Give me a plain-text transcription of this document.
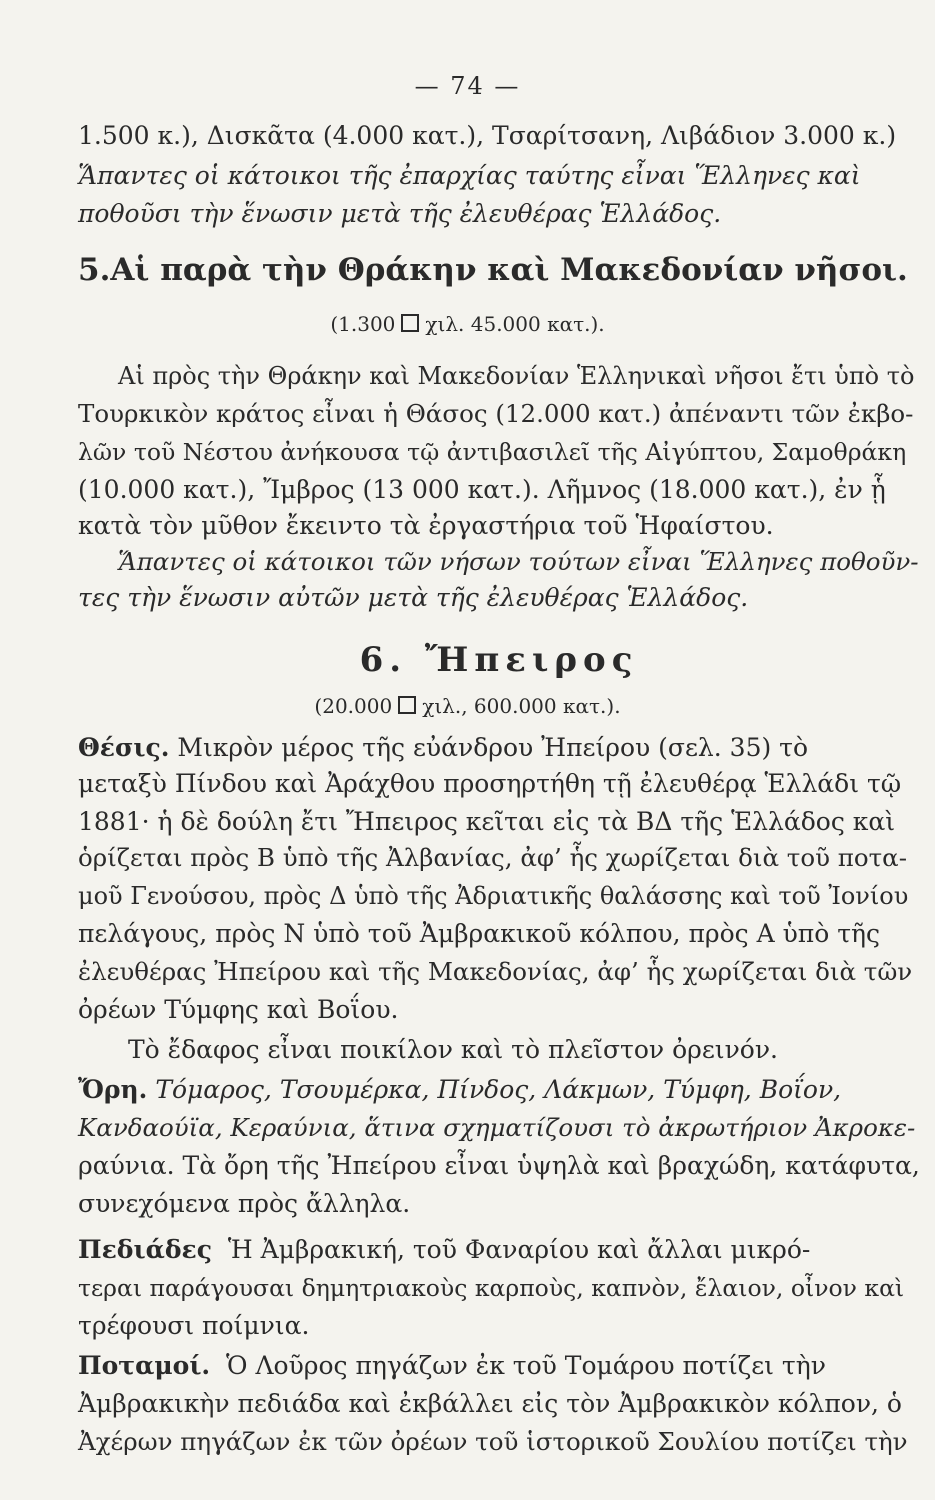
— 74 —
1.500 κ.), Δισκᾶτα (4.000 κατ.), Τσαρίτσανη, Λιβάδιον 3.000 κ.)
Ἅπαντες οἱ κάτοικοι τῆς ἐπαρχίας ταύτης εἶναι Ἕλληνες καὶ
ποθοῦσι τὴν ἕνωσιν μετὰ τῆς ἐλευθέρας Ἑλλάδος.
5.Αἱ παρὰ τὴν Θράκην καὶ Μακεδονίαν νῆσοι.
(1.300 χιλ. 45.000 κατ.).
Αἱ πρὸς τὴν Θράκην καὶ Μακεδονίαν Ἑλληνικαὶ νῆσοι ἔτι ὑπὸ τὸ
Τουρκικὸν κράτος εἶναι ἡ Θάσος (12.000 κατ.) ἀπέναντι τῶν ἐκβο-
λῶν τοῦ Νέστου ἀνήκουσα τῷ ἀντιβασιλεῖ τῆς Αἰγύπτου, Σαμοθράκη
(10.000 κατ.), Ἴμβρος (13 000 κατ.). Λῆμνος (18.000 κατ.), ἐν ᾗ
κατὰ τὸν μῦθον ἔκειντο τὰ ἐργαστήρια τοῦ Ἡφαίστου.
Ἅπαντες οἱ κάτοικοι τῶν νήσων τούτων εἶναι Ἕλληνες ποθοῦν-
τες τὴν ἕνωσιν αὐτῶν μετὰ τῆς ἐλευθέρας Ἑλλάδος.
6. Ἤπειρος
(20.000 χιλ., 600.000 κατ.).
Θέσις. Μικρὸν μέρος τῆς εὐάνδρου Ἠπείρου (σελ. 35) τὸ
μεταξὺ Πίνδου καὶ Ἀράχθου προσηρτήθη τῇ ἐλευθέρᾳ Ἑλλάδι τῷ
1881· ἡ δὲ δούλη ἔτι Ἤπειρος κεῖται εἰς τὰ ΒΔ τῆς Ἑλλάδος καὶ
ὁρίζεται πρὸς Β ὑπὸ τῆς Ἀλβανίας, ἀφ’ ἧς χωρίζεται διὰ τοῦ ποτα-
μοῦ Γενούσου, πρὸς Δ ὑπὸ τῆς Ἀδριατικῆς θαλάσσης καὶ τοῦ Ἰονίου
πελάγους, πρὸς Ν ὑπὸ τοῦ Ἀμβρακικοῦ κόλπου, πρὸς Α ὑπὸ τῆς
ἐλευθέρας Ἠπείρου καὶ τῆς Μακεδονίας, ἀφ’ ἧς χωρίζεται διὰ τῶν
ὀρέων Τύμφης καὶ Βοΐου.
Τὸ ἔδαφος εἶναι ποικίλον καὶ τὸ πλεῖστον ὀρεινόν.
Ὄρη. Τόμαρος, Τσουμέρκα, Πίνδος, Λάκμων, Τύμφη, Βοΐον,
Κανδαούϊα, Κεραύνια, ἅτινα σχηματίζουσι τὸ ἀκρωτήριον Ἀκροκε-
ραύνια. Τὰ ὄρη τῆς Ἠπείρου εἶναι ὑψηλὰ καὶ βραχώδη, κατάφυτα,
συνεχόμενα πρὸς ἄλληλα.
Πεδιάδες Ἡ Ἀμβρακική, τοῦ Φαναρίου καὶ ἄλλαι μικρό-
τεραι παράγουσαι δημητριακοὺς καρποὺς, καπνὸν, ἔλαιον, οἶνον καὶ
τρέφουσι ποίμνια.
Ποταμοί. Ὁ Λοῦρος πηγάζων ἐκ τοῦ Τομάρου ποτίζει τὴν
Ἀμβρακικὴν πεδιάδα καὶ ἐκβάλλει εἰς τὸν Ἀμβρακικὸν κόλπον, ὁ
Ἀχέρων πηγάζων ἐκ τῶν ὀρέων τοῦ ἱστορικοῦ Σουλίου ποτίζει τὴν
